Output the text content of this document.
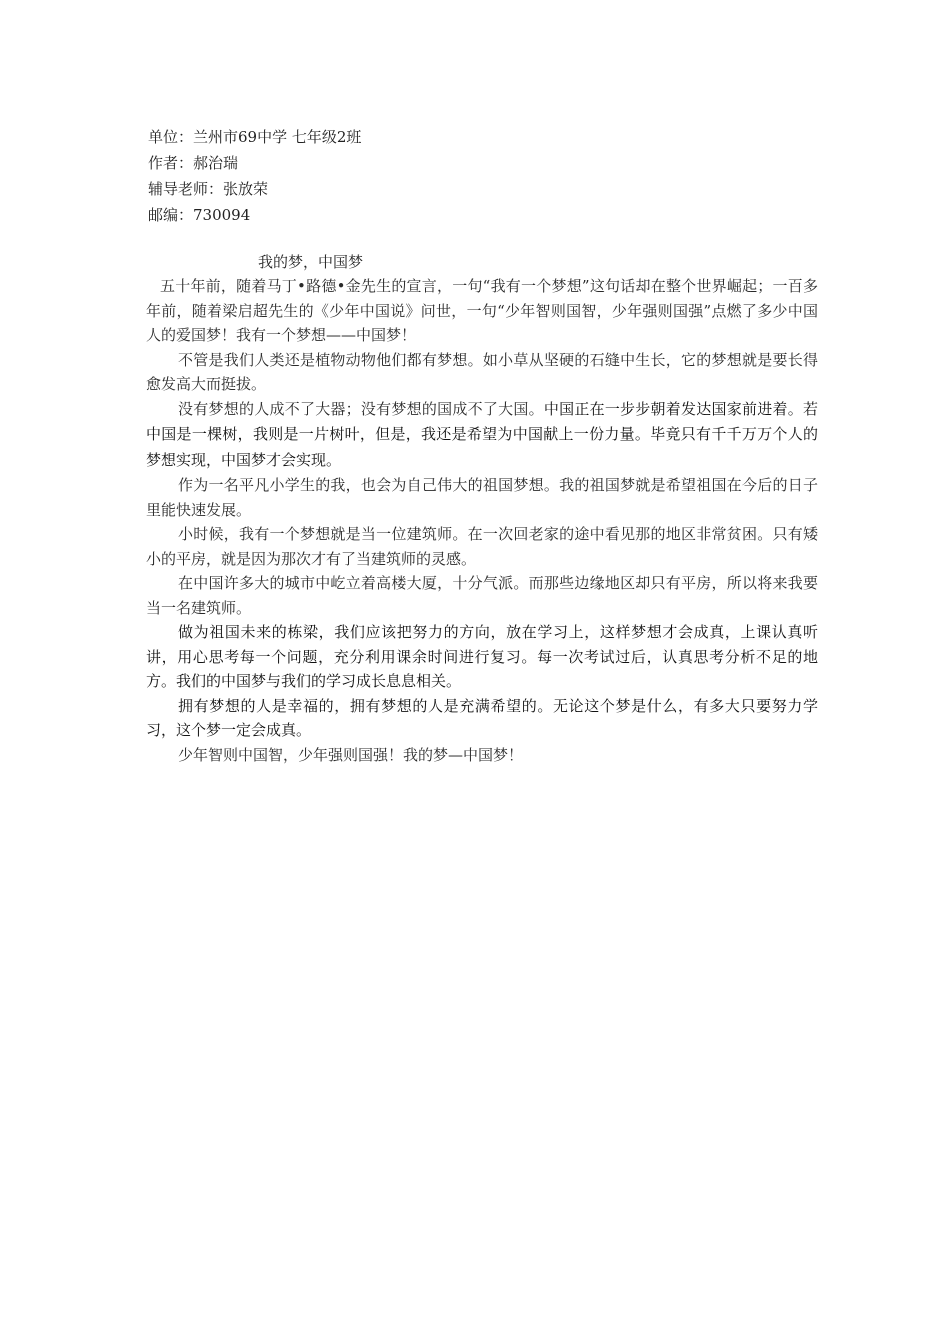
单位：兰州市69中学 七年级2班
作者：郝治瑞
辅导老师：张放荣
邮编：730094
我的梦，中国梦

五十年前，随着马丁•路德•金先生的宣言，一句“我有一个梦想”这句话却在整个世界崛起；一百多年前，随着梁启超先生的《少年中国说》问世，一句“少年智则国智，少年强则国强”点燃了多少中国人的爱国梦！我有一个梦想——中国梦！

不管是我们人类还是植物动物他们都有梦想。如小草从坚硬的石缝中生长，它的梦想就是要长得愈发高大而挺拔。

没有梦想的人成不了大器；没有梦想的国成不了大国。中国正在一步步朝着发达国家前进着。若中国是一棵树，我则是一片树叶，但是，我还是希望为中国献上一份力量。毕竟只有千千万万个人的梦想实现，中国梦才会实现。

作为一名平凡小学生的我，也会为自己伟大的祖国梦想。我的祖国梦就是希望祖国在今后的日子里能快速发展。

小时候，我有一个梦想就是当一位建筑师。在一次回老家的途中看见那的地区非常贫困。只有矮小的平房，就是因为那次才有了当建筑师的灵感。

在中国许多大的城市中屹立着高楼大厦，十分气派。而那些边缘地区却只有平房，所以将来我要当一名建筑师。

做为祖国未来的栋梁，我们应该把努力的方向，放在学习上，这样梦想才会成真，上课认真听讲，用心思考每一个问题，充分利用课余时间进行复习。每一次考试过后，认真思考分析不足的地方。我们的中国梦与我们的学习成长息息相关。

拥有梦想的人是幸福的，拥有梦想的人是充满希望的。无论这个梦是什么，有多大只要努力学习，这个梦一定会成真。

少年智则中国智，少年强则国强！我的梦—中国梦！
